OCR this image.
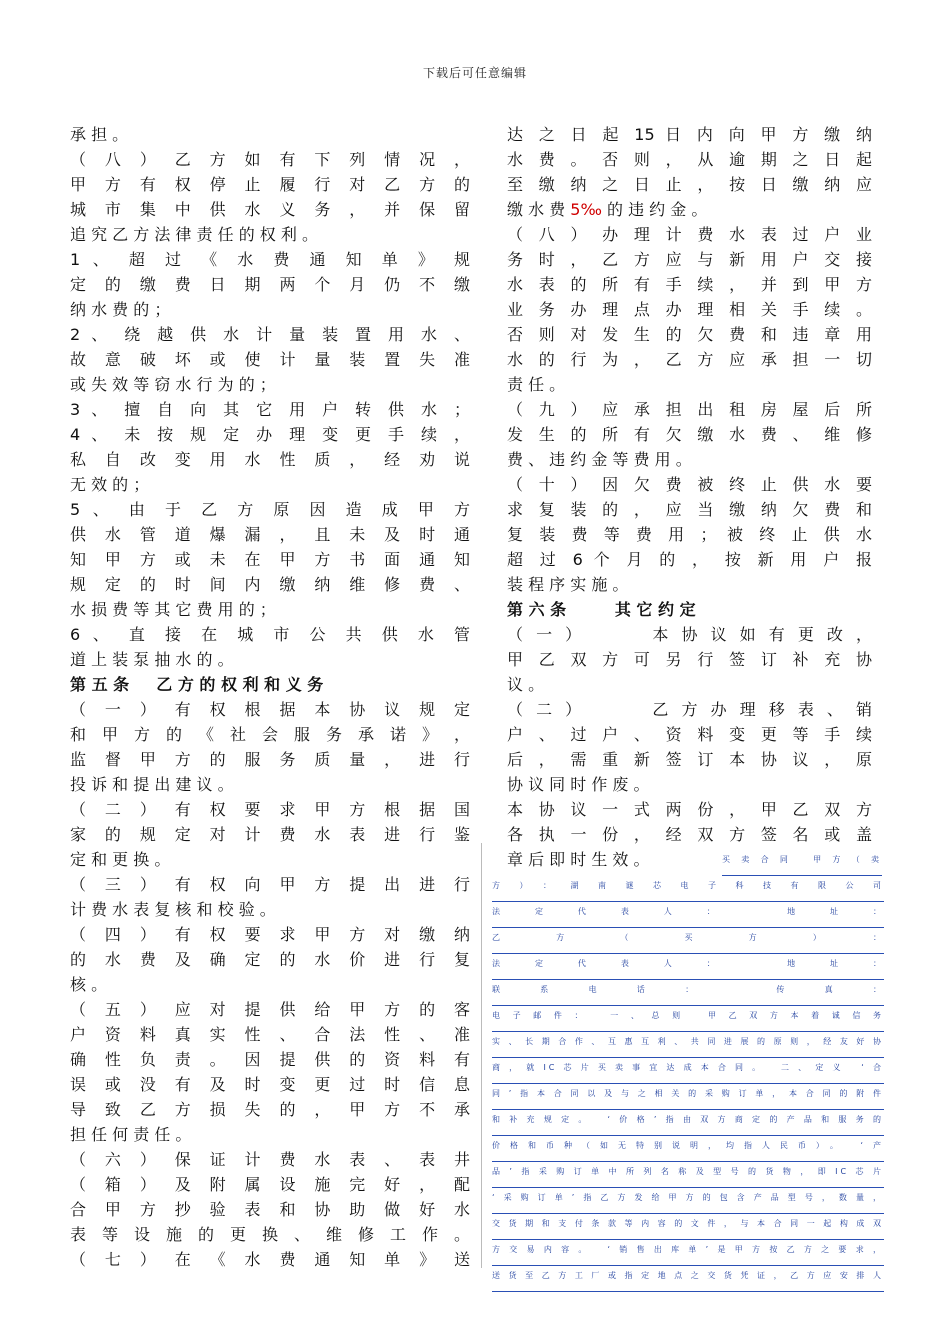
下载后可任意编辑
承 担 。
（ 八 ） 乙 方 如 有 下 列 情 况 ，
甲 方 有 权 停 止 履 行 对 乙 方 的
城 市 集 中 供 水 义 务 ， 并 保 留
追 究 乙 方 法 律 责 任 的 权 利 。
1 、 超 过 《 水 费 通 知 单 》 规
定 的 缴 费 日 期 两 个 月 仍 不 缴
纳 水 费 的 ；
2 、 绕 越 供 水 计 量 装 置 用 水 、
故 意 破 坏 或 使 计 量 装 置 失 准
或 失 效 等 窃 水 行 为 的 ；
3 、 擅 自 向 其 它 用 户 转 供 水 ；
4 、 未 按 规 定 办 理 变 更 手 续 ，
私 自 改 变 用 水 性 质 ， 经 劝 说
无 效 的 ；
5 、 由 于 乙 方 原 因 造 成 甲 方
供 水 管 道 爆 漏 ， 且 未 及 时 通
知 甲 方 或 未 在 甲 方 书 面 通 知
规 定 的 时 间 内 缴 纳 维 修 费 、
水 损 费 等 其 它 费 用 的 ；
6 、 直 接 在 城 市 公 共 供 水 管
道 上 装 泵 抽 水 的 。
第 五 条 　 乙 方 的 权 利 和 义 务
（ 一 ） 有 权 根 据 本 协 议 规 定
和 甲 方 的 《 社 会 服 务 承 诺 》 ，
监 督 甲 方 的 服 务 质 量 ， 进 行
投 诉 和 提 出 建 议 。
（ 二 ） 有 权 要 求 甲 方 根 据 国
家 的 规 定 对 计 费 水 表 进 行 鉴
定 和 更 换 。
（ 三 ） 有 权 向 甲 方 提 出 进 行
计 费 水 表 复 核 和 校 验 。
（ 四 ） 有 权 要 求 甲 方 对 缴 纳
的 水 费 及 确 定 的 水 价 进 行 复
核 。
（ 五 ） 应 对 提 供 给 甲 方 的 客
户 资 料 真 实 性 、 合 法 性 、 准
确 性 负 责 。 因 提 供 的 资 料 有
误 或 没 有 及 时 变 更 过 时 信 息
导 致 乙 方 损 失 的 ， 甲 方 不 承
担 任 何 责 任 。
（ 六 ） 保 证 计 费 水 表 、 表 井
（ 箱 ） 及 附 属 设 施 完 好 ， 配
合 甲 方 抄 验 表 和 协 助 做 好 水
表 等 设 施 的 更 换 、 维 修 工 作 。
（ 七 ） 在 《 水 费 通 知 单 》 送
达 之 日 起 15 日 内 向 甲 方 缴 纳
水 费 。 否 则 ， 从 逾 期 之 日 起
至 缴 纳 之 日 止 ， 按 日 缴 纳 应
缴 水 费 5‰ 的 违 约 金 。
（ 八 ） 办 理 计 费 水 表 过 户 业
务 时 ， 乙 方 应 与 新 用 户 交 接
水 表 的 所 有 手 续 ， 并 到 甲 方
业 务 办 理 点 办 理 相 关 手 续 。
否 则 对 发 生 的 欠 费 和 违 章 用
水 的 行 为 ， 乙 方 应 承 担 一 切
责 任 。
（ 九 ） 应 承 担 出 租 房 屋 后 所
发 生 的 所 有 欠 缴 水 费 、 维 修
费 、 违 约 金 等 费 用 。
（ 十 ） 因 欠 费 被 终 止 供 水 要
求 复 装 的 ， 应 当 缴 纳 欠 费 和
复 装 费 等 费 用 ； 被 终 止 供 水
超 过 6 个 月 的 ， 按 新 用 户 报
装 程 序 实 施 。
第 六 条 　 　 其 它 约 定
（ 一 ） 　 　 本 协 议 如 有 更 改 ，
甲 乙 双 方 可 另 行 签 订 补 充 协
议 。
（ 二 ） 　 　 乙 方 办 理 移 表 、 销
户 、 过 户 、 资 料 变 更 等 手 续
后 ， 需 重 新 签 订 本 协 议 ， 原
协 议 同 时 作 废 。
本 协 议 一 式 两 份 ， 甲 乙 双 方
各 执 一 份 ， 经 双 方 签 名 或 盖
章 后 即 时 生 效 。	买卖合同 甲方（卖
方）：湖南谜芯电子科技有限公司
法定代表人： 地址：
乙方（买方）：
法定代表人： 地址：
联系电话： 传真：
电子邮件： 一、总则 甲乙双方本着诚信务
实、长期合作、互惠互利、共同进展的原则，经友好协
商，就IC芯片买卖事宜达成本合同。 二、定义 ‘合
同’指本合同以及与之相关的采购订单，本合同的附件
和补充规定。 ‘价格’指由双方商定的产品和服务的
价格和币种（如无特别说明，均指人民币）。 ‘产
品’指采购订单中所列名称及型号的货物，即IC芯片
‘采购订单’指乙方发给甲方的包含产品型号，数量，
交货期和支付条款等内容的文件，与本合同一起构成双
方交易内容。 ‘销售出库单’是甲方按乙方之要求，
送货至乙方工厂或指定地点之交货凭证，乙方应安排人
